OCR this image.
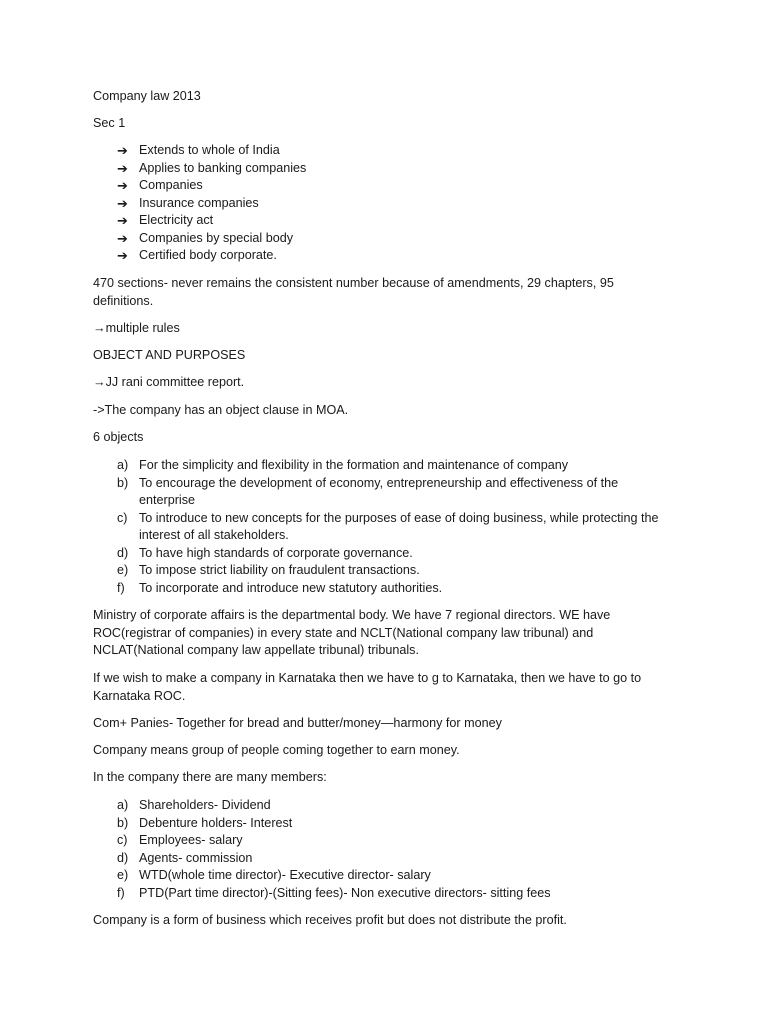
Company law 2013

Sec 1

➔ Extends to whole of India
➔ Applies to banking companies
➔ Companies
➔ Insurance companies
➔ Electricity act
➔ Companies by special body
➔ Certified body corporate.

470 sections- never remains the consistent number because of amendments, 29 chapters, 95 definitions.

→multiple rules

OBJECT AND PURPOSES

→JJ rani committee report.

->The company has an object clause in MOA.

6 objects

a) For the simplicity and flexibility in the formation and maintenance of company
b) To encourage the development of economy, entrepreneurship and effectiveness of the enterprise
c) To introduce to new concepts for the purposes of ease of doing business, while protecting the interest of all stakeholders.
d) To have high standards of corporate governance.
e) To impose strict liability on fraudulent transactions.
f) To incorporate and introduce new statutory authorities.

Ministry of corporate affairs is the departmental body. We have 7 regional directors. WE have ROC(registrar of companies) in every state and NCLT(National company law tribunal) and NCLAT(National company law appellate tribunal) tribunals.

If we wish to make a company in Karnataka then we have to g to Karnataka, then we have to go to Karnataka ROC.

Com+ Panies- Together for bread and butter/money—harmony for money

Company means group of people coming together to earn money.

In the company there are many members:

a) Shareholders- Dividend
b) Debenture holders- Interest
c) Employees- salary
d) Agents- commission
e) WTD(whole time director)- Executive director- salary
f) PTD(Part time director)-(Sitting fees)- Non executive directors- sitting fees

Company is a form of business which receives profit but does not distribute the profit.
